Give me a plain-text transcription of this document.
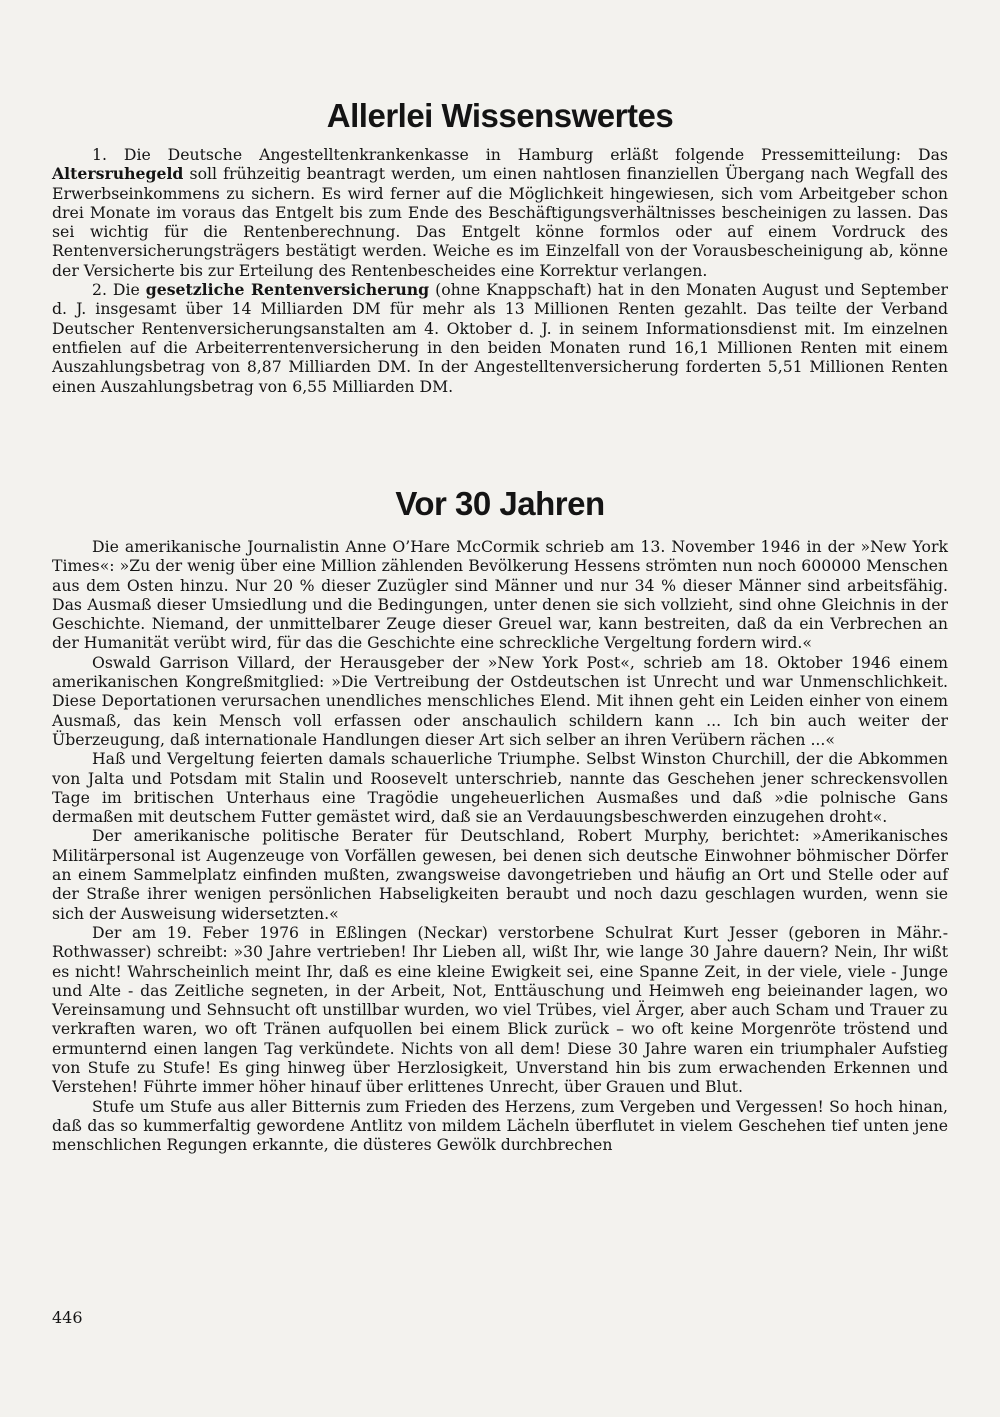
Allerlei Wissenswertes

1. Die Deutsche Angestelltenkrankenkasse in Hamburg erläßt folgende Pressemitteilung: Das Altersruhegeld soll frühzeitig beantragt werden, um einen nahtlosen finanziellen Übergang nach Wegfall des Erwerbseinkommens zu sichern. Es wird ferner auf die Möglichkeit hingewiesen, sich vom Arbeitgeber schon drei Monate im voraus das Entgelt bis zum Ende des Beschäftigungsverhältnisses bescheinigen zu lassen. Das sei wichtig für die Rentenberechnung. Das Entgelt könne formlos oder auf einem Vordruck des Rentenversicherungsträgers bestätigt werden. Weiche es im Einzelfall von der Vorausbescheinigung ab, könne der Versicherte bis zur Erteilung des Rentenbescheides eine Korrektur verlangen.

2. Die gesetzliche Rentenversicherung (ohne Knappschaft) hat in den Monaten August und September d. J. insgesamt über 14 Milliarden DM für mehr als 13 Millionen Renten gezahlt. Das teilte der Verband Deutscher Rentenversicherungsanstalten am 4. Oktober d. J. in seinem Informationsdienst mit. Im einzelnen entfielen auf die Arbeiterrentenversicherung in den beiden Monaten rund 16,1 Millionen Renten mit einem Auszahlungsbetrag von 8,87 Milliarden DM. In der Angestelltenversicherung forderten 5,51 Millionen Renten einen Auszahlungsbetrag von 6,55 Milliarden DM.

Vor 30 Jahren

Die amerikanische Journalistin Anne O’Hare McCormik schrieb am 13. November 1946 in der »New York Times«: »Zu der wenig über eine Million zählenden Bevölkerung Hessens strömten nun noch 600000 Menschen aus dem Osten hinzu. Nur 20 % dieser Zuzügler sind Männer und nur 34 % dieser Männer sind arbeitsfähig. Das Ausmaß dieser Umsiedlung und die Bedingungen, unter denen sie sich vollzieht, sind ohne Gleichnis in der Geschichte. Niemand, der unmittelbarer Zeuge dieser Greuel war, kann bestreiten, daß da ein Verbrechen an der Humanität verübt wird, für das die Geschichte eine schreckliche Vergeltung fordern wird.«

Oswald Garrison Villard, der Herausgeber der »New York Post«, schrieb am 18. Oktober 1946 einem amerikanischen Kongreßmitglied: »Die Vertreibung der Ostdeutschen ist Unrecht und war Unmenschlichkeit. Diese Deportationen verursachen unendliches menschliches Elend. Mit ihnen geht ein Leiden einher von einem Ausmaß, das kein Mensch voll erfassen oder anschaulich schildern kann ... Ich bin auch weiter der Überzeugung, daß internationale Handlungen dieser Art sich selber an ihren Verübern rächen ...«

Haß und Vergeltung feierten damals schauerliche Triumphe. Selbst Winston Churchill, der die Abkommen von Jalta und Potsdam mit Stalin und Roosevelt unterschrieb, nannte das Geschehen jener schreckensvollen Tage im britischen Unterhaus eine Tragödie ungeheuerlichen Ausmaßes und daß »die polnische Gans dermaßen mit deutschem Futter gemästet wird, daß sie an Verdauungsbeschwerden einzugehen droht«.

Der amerikanische politische Berater für Deutschland, Robert Murphy, berichtet: »Amerikanisches Militärpersonal ist Augenzeuge von Vorfällen gewesen, bei denen sich deutsche Einwohner böhmischer Dörfer an einem Sammelplatz einfinden mußten, zwangsweise davongetrieben und häufig an Ort und Stelle oder auf der Straße ihrer wenigen persönlichen Habseligkeiten beraubt und noch dazu geschlagen wurden, wenn sie sich der Ausweisung widersetzten.«

Der am 19. Feber 1976 in Eßlingen (Neckar) verstorbene Schulrat Kurt Jesser (geboren in Mähr.-Rothwasser) schreibt: »30 Jahre vertrieben! Ihr Lieben all, wißt Ihr, wie lange 30 Jahre dauern? Nein, Ihr wißt es nicht! Wahrscheinlich meint Ihr, daß es eine kleine Ewigkeit sei, eine Spanne Zeit, in der viele, viele - Junge und Alte - das Zeitliche segneten, in der Arbeit, Not, Enttäuschung und Heimweh eng beieinander lagen, wo Vereinsamung und Sehnsucht oft unstillbar wurden, wo viel Trübes, viel Ärger, aber auch Scham und Trauer zu verkraften waren, wo oft Tränen aufquollen bei einem Blick zurück – wo oft keine Morgenröte tröstend und ermunternd einen langen Tag verkündete. Nichts von all dem! Diese 30 Jahre waren ein triumphaler Aufstieg von Stufe zu Stufe! Es ging hinweg über Herzlosigkeit, Unverstand hin bis zum erwachenden Erkennen und Verstehen! Führte immer höher hinauf über erlittenes Unrecht, über Grauen und Blut.

Stufe um Stufe aus aller Bitternis zum Frieden des Herzens, zum Vergeben und Vergessen! So hoch hinan, daß das so kummerfaltig gewordene Antlitz von mildem Lächeln überflutet in vielem Geschehen tief unten jene menschlichen Regungen erkannte, die düsteres Gewölk durchbrechen

446
